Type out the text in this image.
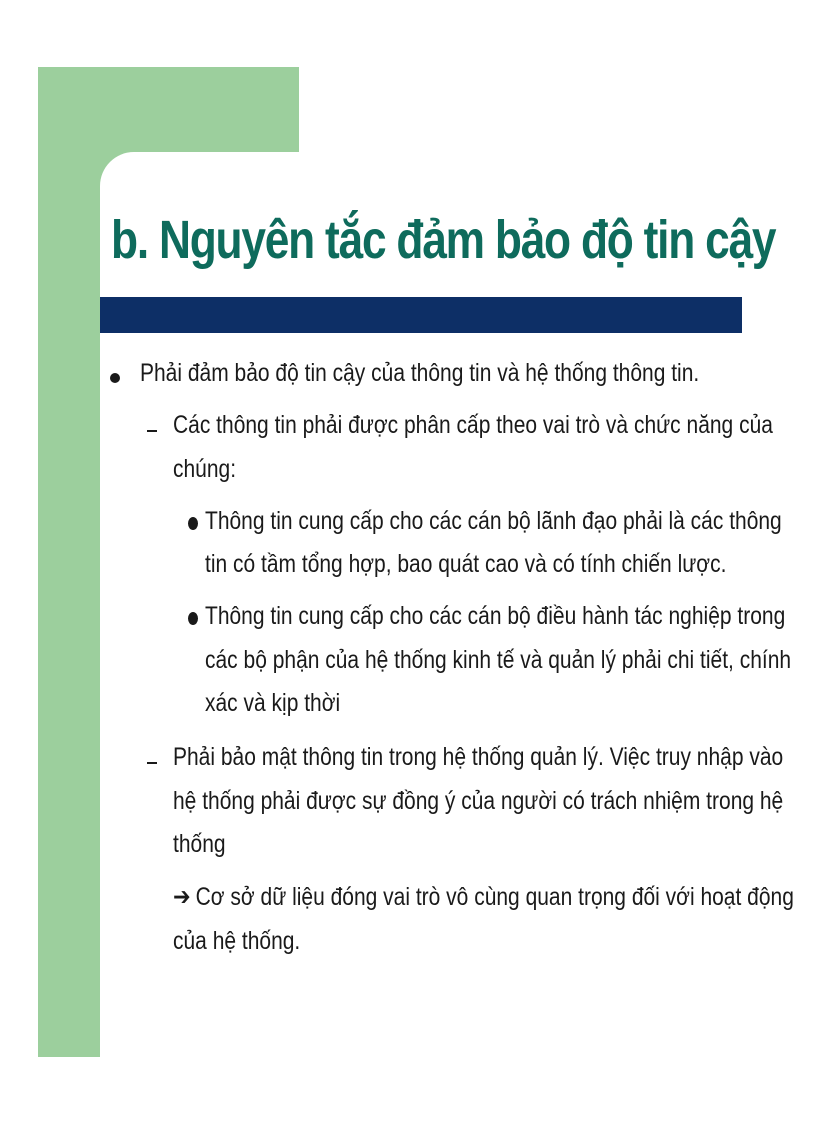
b. Nguyên tắc đảm bảo độ tin cậy
Phải đảm bảo độ tin cậy của thông tin và hệ thống thông tin.
Các thông tin phải được phân cấp theo vai trò và chức năng của
chúng:
Thông tin cung cấp cho các cán bộ lãnh đạo phải là các thông
tin có tầm tổng hợp, bao quát cao và có tính chiến lược.
Thông tin cung cấp cho các cán bộ điều hành tác nghiệp trong
các bộ phận của hệ thống kinh tế và quản lý phải chi tiết, chính
xác và kịp thời
Phải bảo mật thông tin trong hệ thống quản lý. Việc truy nhập vào
hệ thống phải được sự đồng ý của người có trách nhiệm trong hệ
thống
➔ Cơ sở dữ liệu đóng vai trò vô cùng quan trọng đối với hoạt động
của hệ thống.
